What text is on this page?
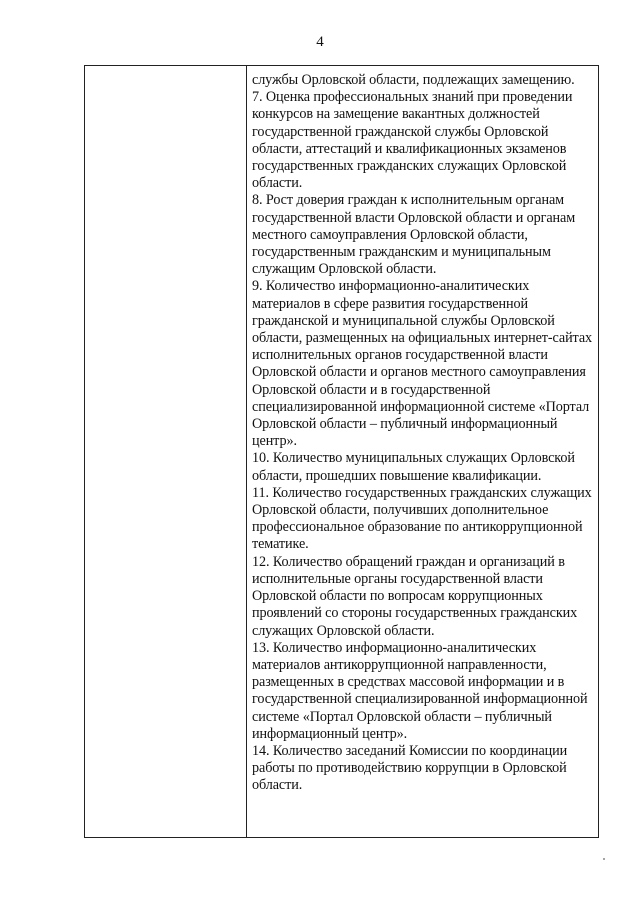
4

службы Орловской области, подлежащих замещению.

7. Оценка профессиональных знаний при проведении конкурсов на замещение вакантных должностей государственной гражданской службы Орловской области, аттестаций и квалификационных экзаменов государственных гражданских служащих Орловской области.

8. Рост доверия граждан к исполнительным органам государственной власти Орловской области и органам местного самоуправления Орловской области, государственным гражданским и муниципальным служащим Орловской области.

9. Количество информационно-аналитических материалов в сфере развития государственной гражданской и муниципальной службы Орловской области, размещенных на официальных интернет-сайтах исполнительных органов государственной власти Орловской области и органов местного самоуправления Орловской области и в государственной специализированной информационной системе «Портал Орловской области – публичный информационный центр».

10. Количество муниципальных служащих Орловской области, прошедших повышение квалификации.

11. Количество государственных гражданских служащих Орловской области, получивших дополнительное профессиональное образование по антикоррупционной тематике.

12. Количество обращений граждан и организаций в исполнительные органы государственной власти Орловской области по вопросам коррупционных проявлений со стороны государственных гражданских служащих Орловской области.

13. Количество информационно-аналитических материалов антикоррупционной направленности, размещенных в средствах массовой информации и в государственной специализированной информационной системе «Портал Орловской области – публичный информационный центр».

14. Количество заседаний Комиссии по координации работы по противодействию коррупции в Орловской области.
